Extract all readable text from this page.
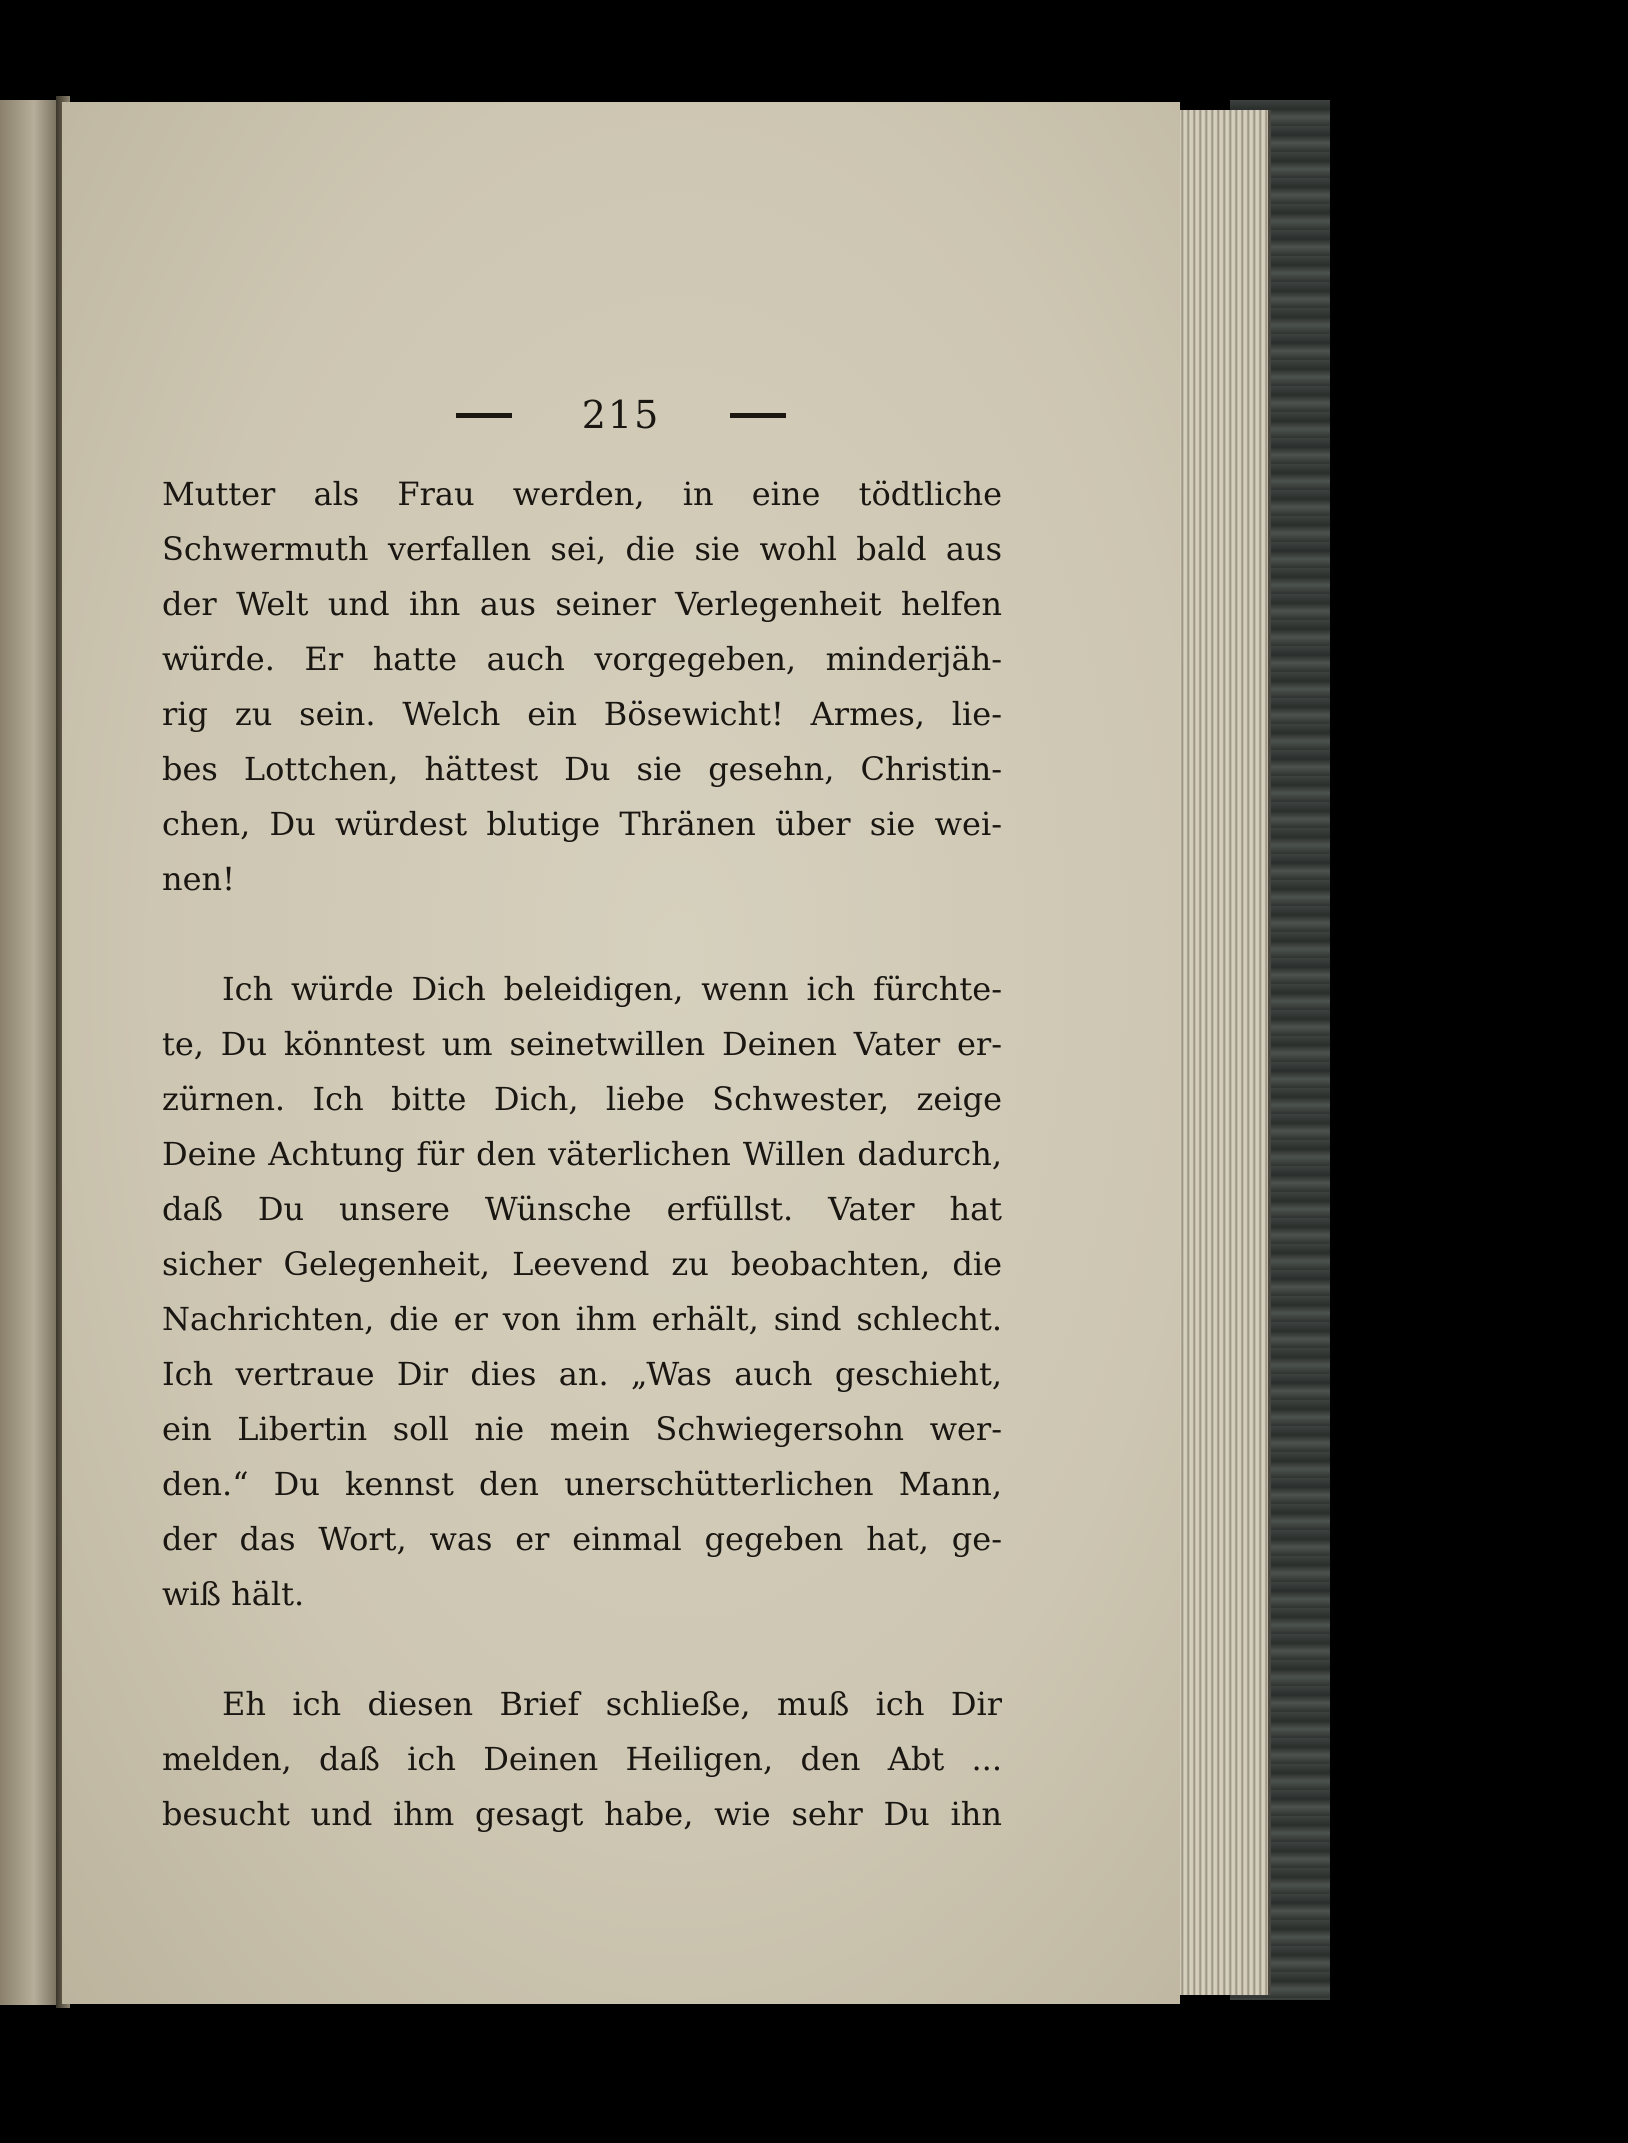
215

Mutter als Frau werden, in eine tödtliche
Schwermuth verfallen sei, die sie wohl bald aus
der Welt und ihn aus seiner Verlegenheit helfen
würde. Er hatte auch vorgegeben, minderjäh-
rig zu sein. Welch ein Bösewicht! Armes, lie-
bes Lottchen, hättest Du sie gesehn, Christin-
chen, Du würdest blutige Thränen über sie wei-
nen!

Ich würde Dich beleidigen, wenn ich fürchte-
te, Du könntest um seinetwillen Deinen Vater er-
zürnen. Ich bitte Dich, liebe Schwester, zeige
Deine Achtung für den väterlichen Willen dadurch,
daß Du unsere Wünsche erfüllst. Vater hat
sicher Gelegenheit, Leevend zu beobachten, die
Nachrichten, die er von ihm erhält, sind schlecht.
Ich vertraue Dir dies an. „Was auch geschieht,
ein Libertin soll nie mein Schwiegersohn wer-
den.“ Du kennst den unerschütterlichen Mann,
der das Wort, was er einmal gegeben hat, ge-
wiß hält.

Eh ich diesen Brief schließe, muß ich Dir
melden, daß ich Deinen Heiligen, den Abt ...
besucht und ihm gesagt habe, wie sehr Du ihn
